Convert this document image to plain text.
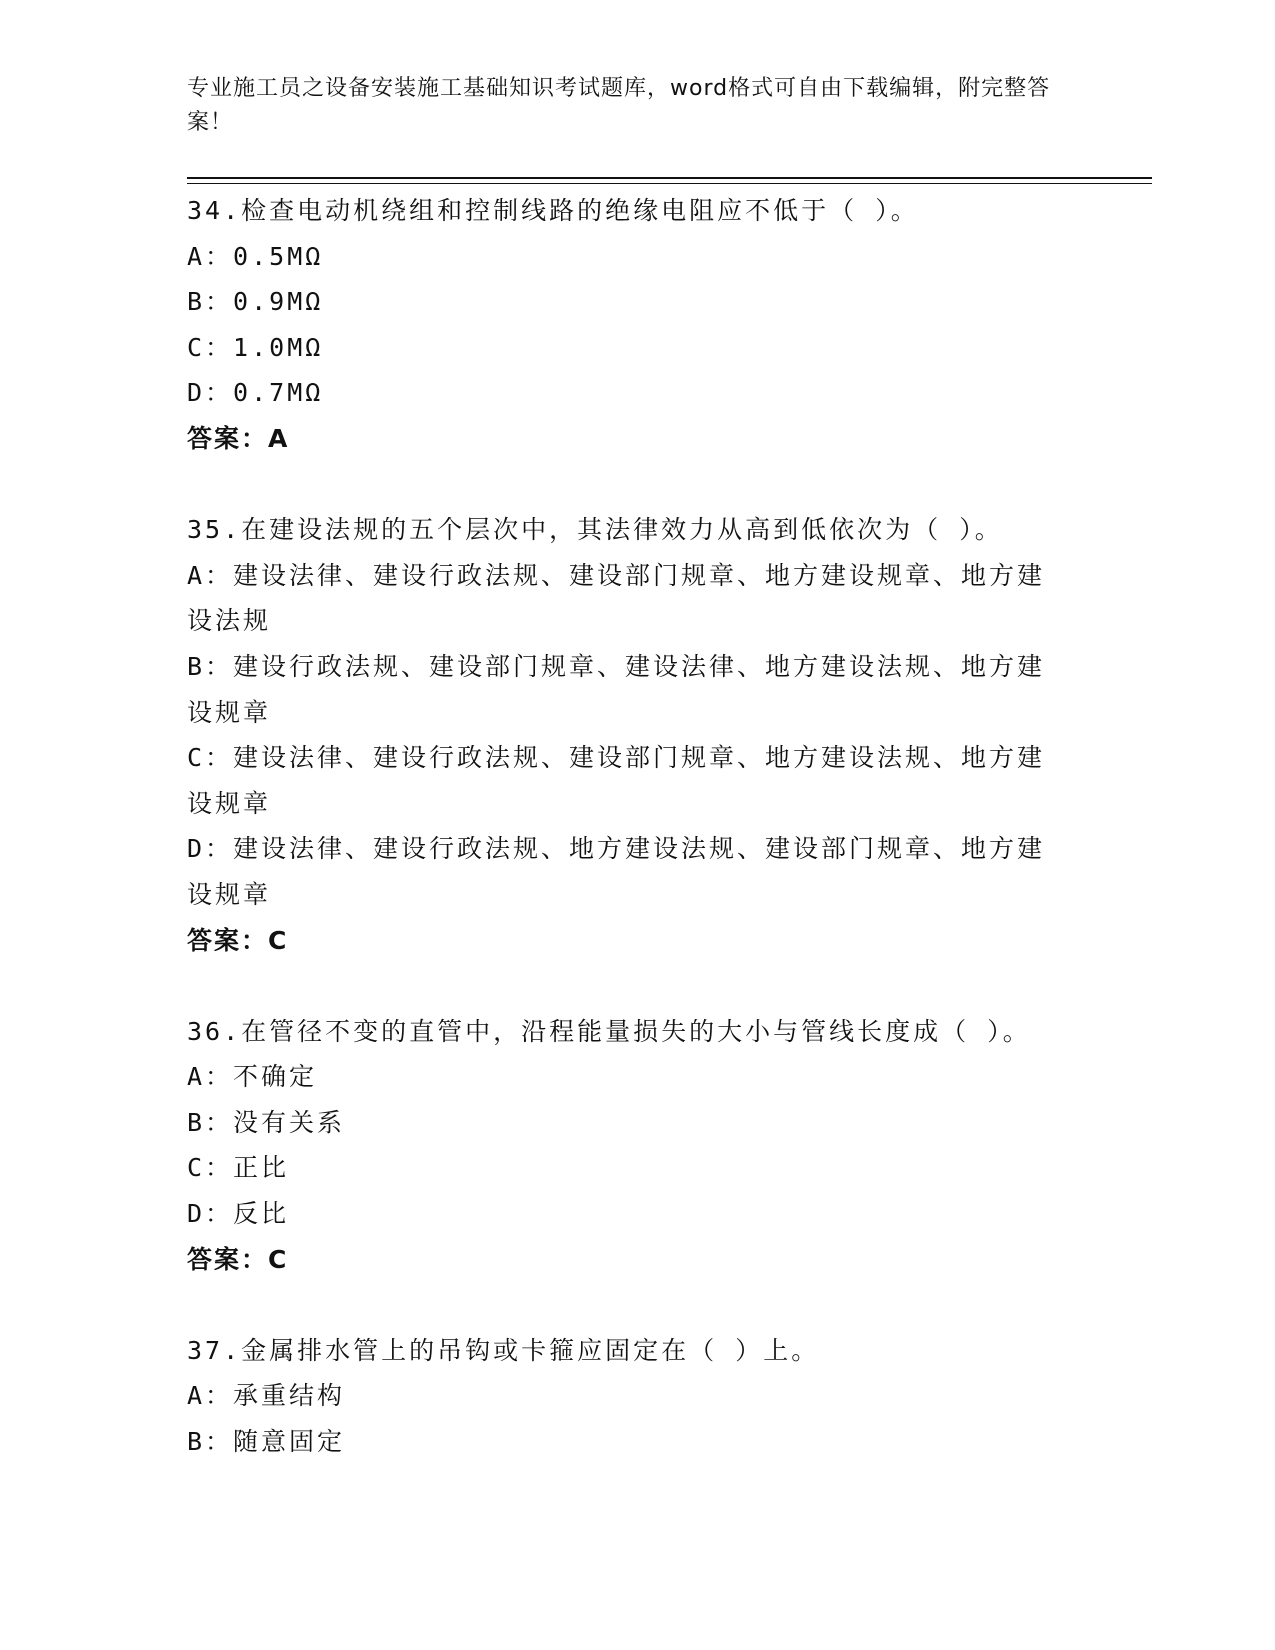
专业施工员之设备安装施工基础知识考试题库，word格式可自由下载编辑，附完整答案！
34.检查电动机绕组和控制线路的绝缘电阻应不低于（ ）。
A：0.5MΩ
B：0.9MΩ
C：1.0MΩ
D：0.7MΩ
答案：A
35.在建设法规的五个层次中，其法律效力从高到低依次为（ ）。
A：建设法律、建设行政法规、建设部门规章、地方建设规章、地方建设法规
B：建设行政法规、建设部门规章、建设法律、地方建设法规、地方建设规章
C：建设法律、建设行政法规、建设部门规章、地方建设法规、地方建设规章
D：建设法律、建设行政法规、地方建设法规、建设部门规章、地方建设规章
答案：C
36.在管径不变的直管中，沿程能量损失的大小与管线长度成（ ）。
A：不确定
B：没有关系
C：正比
D：反比
答案：C
37.金属排水管上的吊钩或卡箍应固定在（ ）上。
A：承重结构
B：随意固定
